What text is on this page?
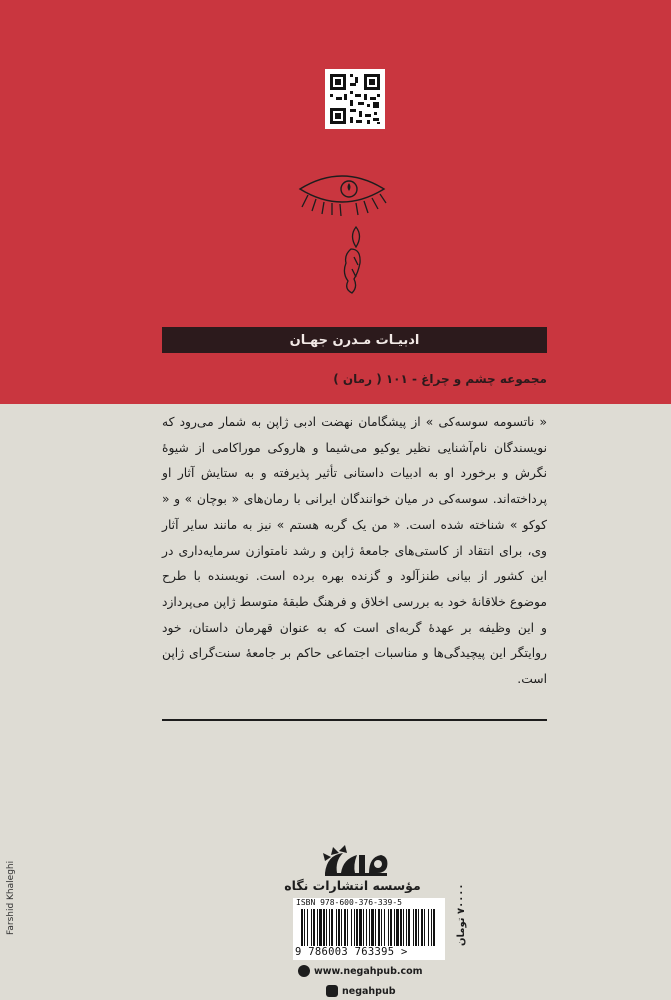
ادبیـات مـدرن جهـان
مجموعه چشم و چراغ - ۱۰۱ ( رمان )
« ناتسومه سوسه‌کی » از پیشگامان نهضت ادبی ژاپن به شمار می‌رود که نویسندگان نام‌آشنایی نظیر یوکیو می‌شیما و هاروکی موراکامی از شیوهٔ نگرش و برخورد او به ادبیات داستانی تأثیر پذیرفته و به ستایش آثار او پرداخته‌اند. سوسه‌کی در میان خوانندگان ایرانی با رمان‌های « بوچان » و « کوکو » شناخته شده است. « من یک گربه هستم » نیز به مانند سایر آثار وی، برای انتقاد از کاستی‌های جامعهٔ ژاپن و رشد نامتوازن سرمایه‌داری در این کشور از بیانی طنزآلود و گزنده بهره برده است. نویسنده با طرح موضوع خلاقانهٔ خود به بررسی اخلاق و فرهنگ طبقهٔ متوسط ژاپن می‌پردازد و این وظیفه بر عهدهٔ گربه‌ای است که به عنوان قهرمان داستان، خود روایتگر این پیچیدگی‌ها و مناسبات اجتماعی حاکم بر جامعهٔ سنت‌گرای ژاپن است.
مؤسسه انتشارات نگاه
Farshid Khaleghi	ISBN 978-600-376-339-5
9 786003 763395 >
۷۰۰۰۰ تومان
www.negahpub.com
negahpub
